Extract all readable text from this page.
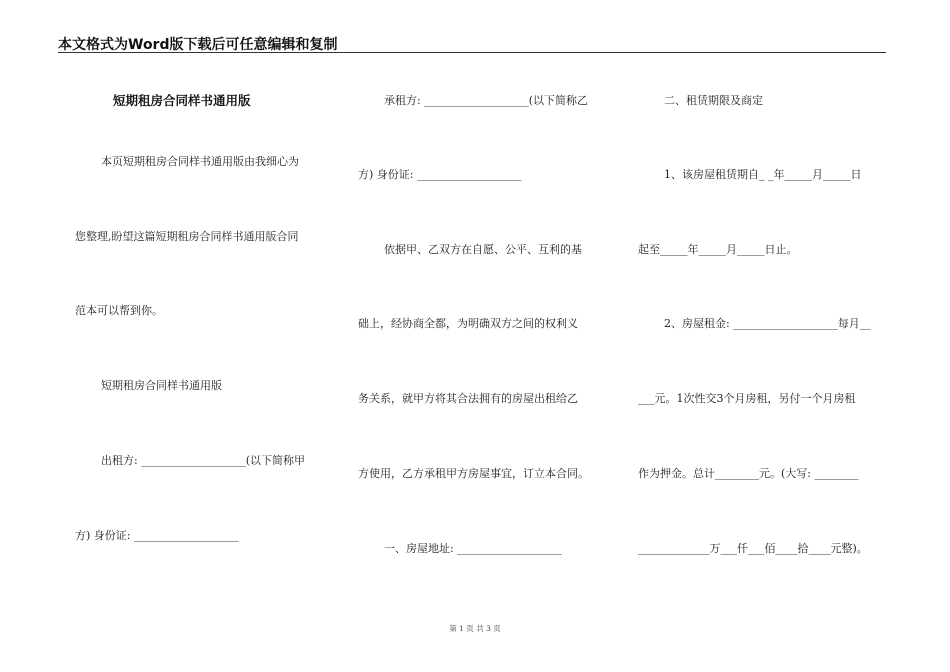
本文格式为Word版下载后可任意编辑和复制
短期租房合同样书通用版
本页短期租房合同样书通用版由我细心为
您整理,盼望这篇短期租房合同样书通用版合同
范本可以帮到你。
短期租房合同样书通用版
出租方: ___________________(以下简称甲
方) 身份证: ___________________
承租方: ___________________(以下简称乙
方) 身份证: ___________________
依据甲、乙双方在自愿、公平、互利的基
础上，经协商全都，为明确双方之间的权利义
务关系，就甲方将其合法拥有的房屋出租给乙
方使用，乙方承租甲方房屋事宜，订立本合同。
一、房屋地址: ___________________
二、租赁期限及商定
1、该房屋租赁期自_ _年_____月_____日
起至_____年_____月_____日止。
2、房屋租金: ___________________每月__
___元。1次性交3个月房租，另付一个月房租
作为押金。总计________元。(大写: ________
_____________万___仟___佰____拾____元整)。
第 1 页 共 3 页
